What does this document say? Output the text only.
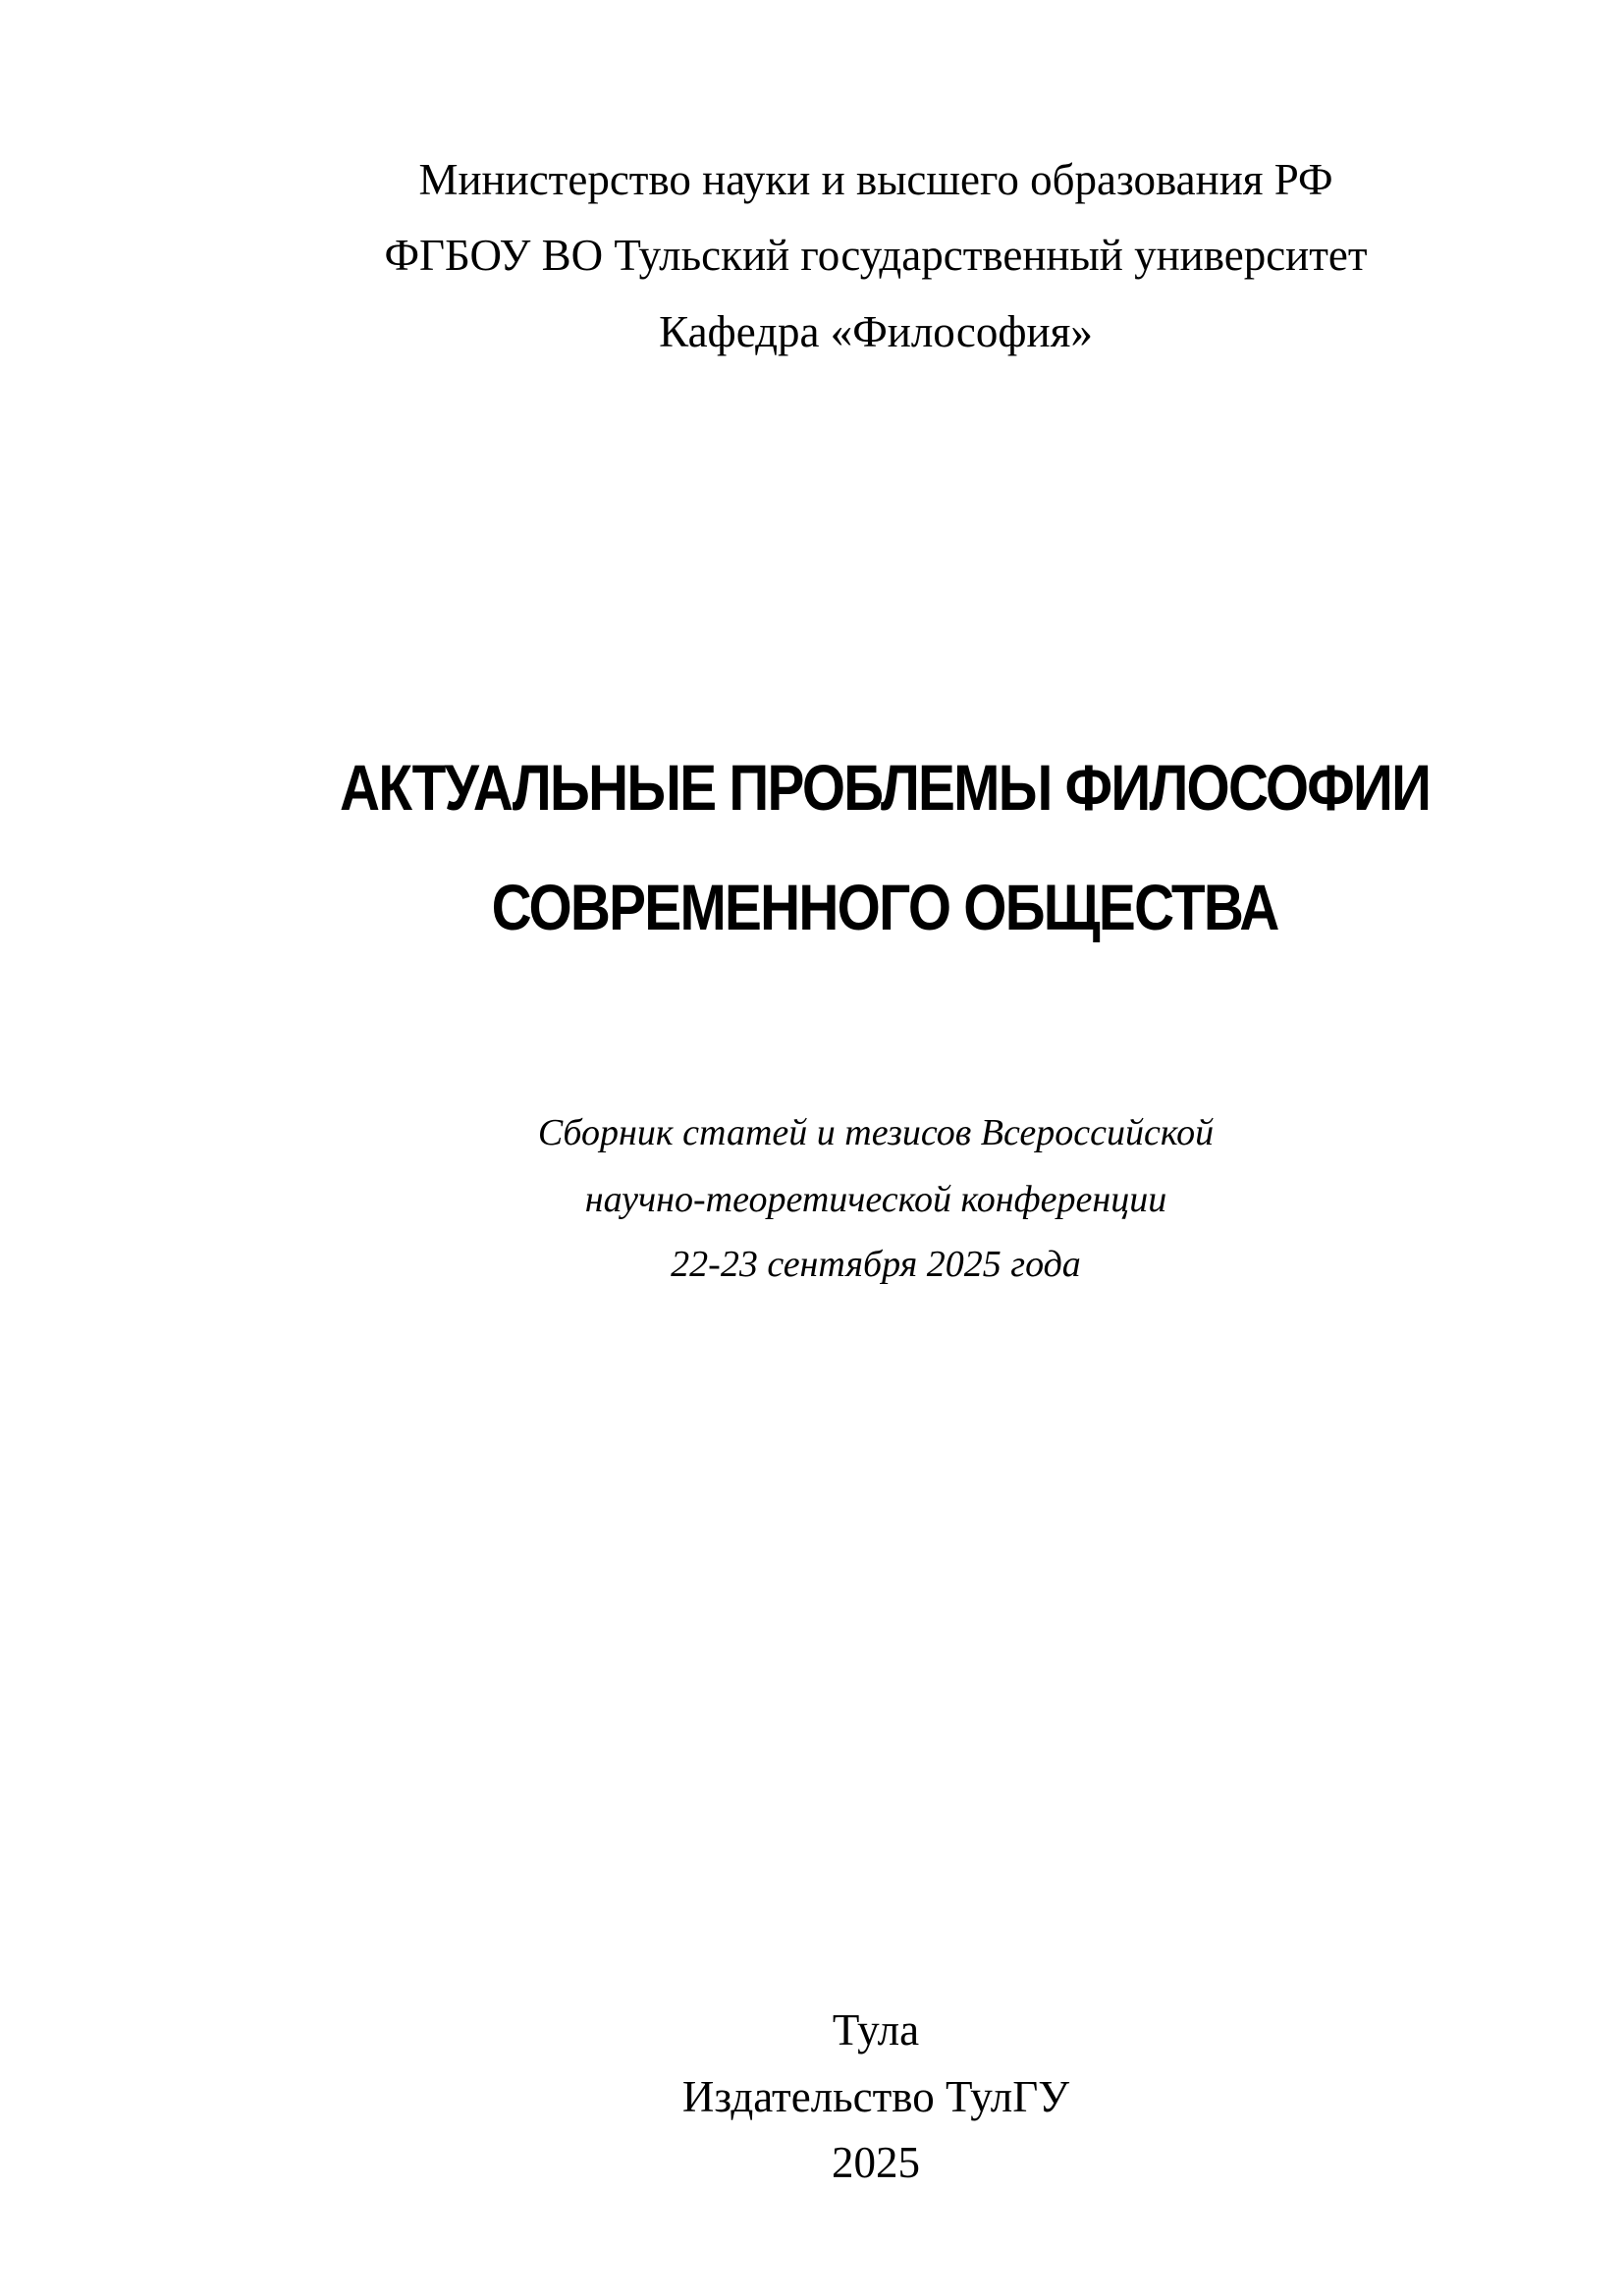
Министерство науки и высшего образования РФ
ФГБОУ ВО Тульский государственный университет
Кафедра «Философия»
АКТУАЛЬНЫЕ ПРОБЛЕМЫ ФИЛОСОФИИ
СОВРЕМЕННОГО ОБЩЕСТВА
Сборник статей и тезисов Всероссийской
научно-теоретической конференции
22-23 сентября 2025 года
Тула
Издательство ТулГУ
2025
